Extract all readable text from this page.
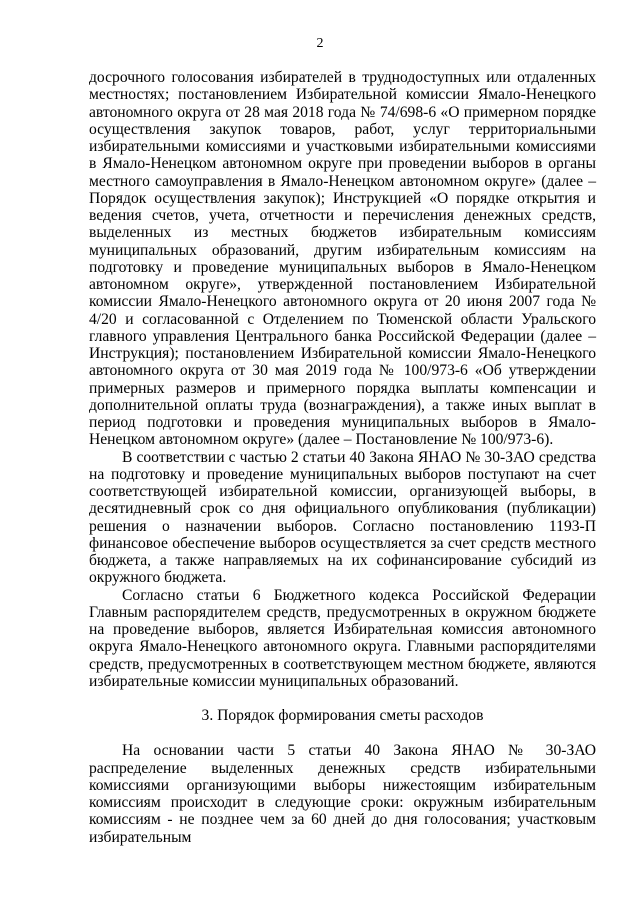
2

досрочного голосования избирателей в труднодоступных или отдаленных местностях; постановлением Избирательной комиссии Ямало-Ненецкого автономного округа от 28 мая 2018 года № 74/698-6 «О примерном порядке осуществления закупок товаров, работ, услуг территориальными избирательными комиссиями и участковыми избирательными комиссиями в Ямало-Ненецком автономном округе при проведении выборов в органы местного самоуправления в Ямало-Ненецком автономном округе» (далее – Порядок осуществления закупок); Инструкцией «О порядке открытия и ведения счетов, учета, отчетности и перечисления денежных средств, выделенных из местных бюджетов избирательным комиссиям муниципальных образований, другим избирательным комиссиям на подготовку и проведение муниципальных выборов в Ямало-Ненецком автономном округе», утвержденной постановлением Избирательной комиссии Ямало-Ненецкого автономного округа от 20 июня 2007 года № 4/20 и согласованной с Отделением по Тюменской области Уральского главного управления Центрального банка Российской Федерации (далее – Инструкция); постановлением Избирательной комиссии Ямало-Ненецкого автономного округа от 30 мая 2019 года № 100/973-6 «Об утверждении примерных размеров и примерного порядка выплаты компенсации и дополнительной оплаты труда (вознаграждения), а также иных выплат в период подготовки и проведения муниципальных выборов в Ямало-Ненецком автономном округе» (далее – Постановление № 100/973-6).

В соответствии с частью 2 статьи 40 Закона ЯНАО № 30-ЗАО средства на подготовку и проведение муниципальных выборов поступают на счет соответствующей избирательной комиссии, организующей выборы, в десятидневный срок со дня официального опубликования (публикации) решения о назначении выборов. Согласно постановлению 1193-П финансовое обеспечение выборов осуществляется за счет средств местного бюджета, а также направляемых на их софинансирование субсидий из окружного бюджета.

Согласно статьи 6 Бюджетного кодекса Российской Федерации Главным распорядителем средств, предусмотренных в окружном бюджете на проведение выборов, является Избирательная комиссия автономного округа Ямало-Ненецкого автономного округа. Главными распорядителями средств, предусмотренных в соответствующем местном бюджете, являются избирательные комиссии муниципальных образований.

3. Порядок формирования сметы расходов

На основании части 5 статьи 40 Закона ЯНАО № 30-ЗАО распределение выделенных денежных средств избирательными комиссиями организующими выборы нижестоящим избирательным комиссиям происходит в следующие сроки: окружным избирательным комиссиям - не позднее чем за 60 дней до дня голосования; участковым избирательным
